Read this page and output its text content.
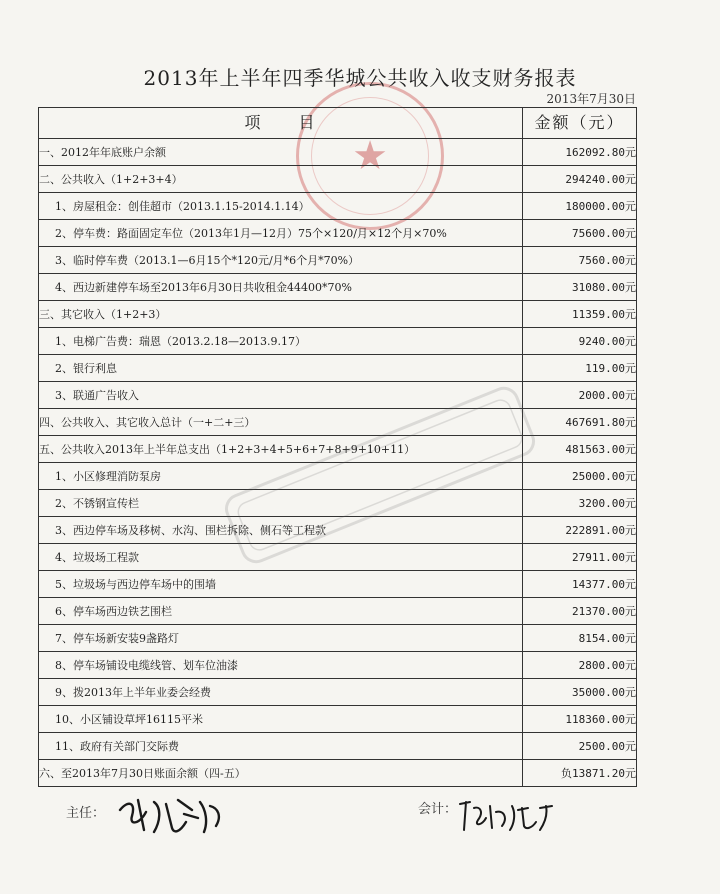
★
2013年上半年四季华城公共收入收支财务报表
2013年7月30日
项　　目	金额（元）
一、2012年年底账户余额	162092.80元
二、公共收入（1+2+3+4）	294240.00元
1、房屋租金：创佳超市（2013.1.15-2014.1.14）	180000.00元
2、停车费：路面固定车位（2013年1月—12月）75个×120/月×12个月×70%	75600.00元
3、临时停车费（2013.1—6月15个*120元/月*6个月*70%）	7560.00元
4、西边新建停车场至2013年6月30日共收租金44400*70%	31080.00元
三、其它收入（1+2+3）	11359.00元
1、电梯广告费：瑞恩（2013.2.18—2013.9.17）	9240.00元
2、银行利息	119.00元
3、联通广告收入	2000.00元
四、公共收入、其它收入总计（一+二+三）	467691.80元
五、公共收入2013年上半年总支出（1+2+3+4+5+6+7+8+9+10+11）	481563.00元
1、小区修理消防泵房	25000.00元
2、不锈钢宣传栏	3200.00元
3、西边停车场及移树、水沟、围栏拆除、侧石等工程款	222891.00元
4、垃圾场工程款	27911.00元
5、垃圾场与西边停车场中的围墙	14377.00元
6、停车场西边铁艺围栏	21370.00元
7、停车场新安装9盏路灯	8154.00元
8、停车场铺设电缆线管、划车位油漆	2800.00元
9、拨2013年上半年业委会经费	35000.00元
10、小区铺设草坪16115平米	118360.00元
11、政府有关部门交际费	2500.00元
六、至2013年7月30日账面余额（四-五）	负13871.20元
主任：	会计：
